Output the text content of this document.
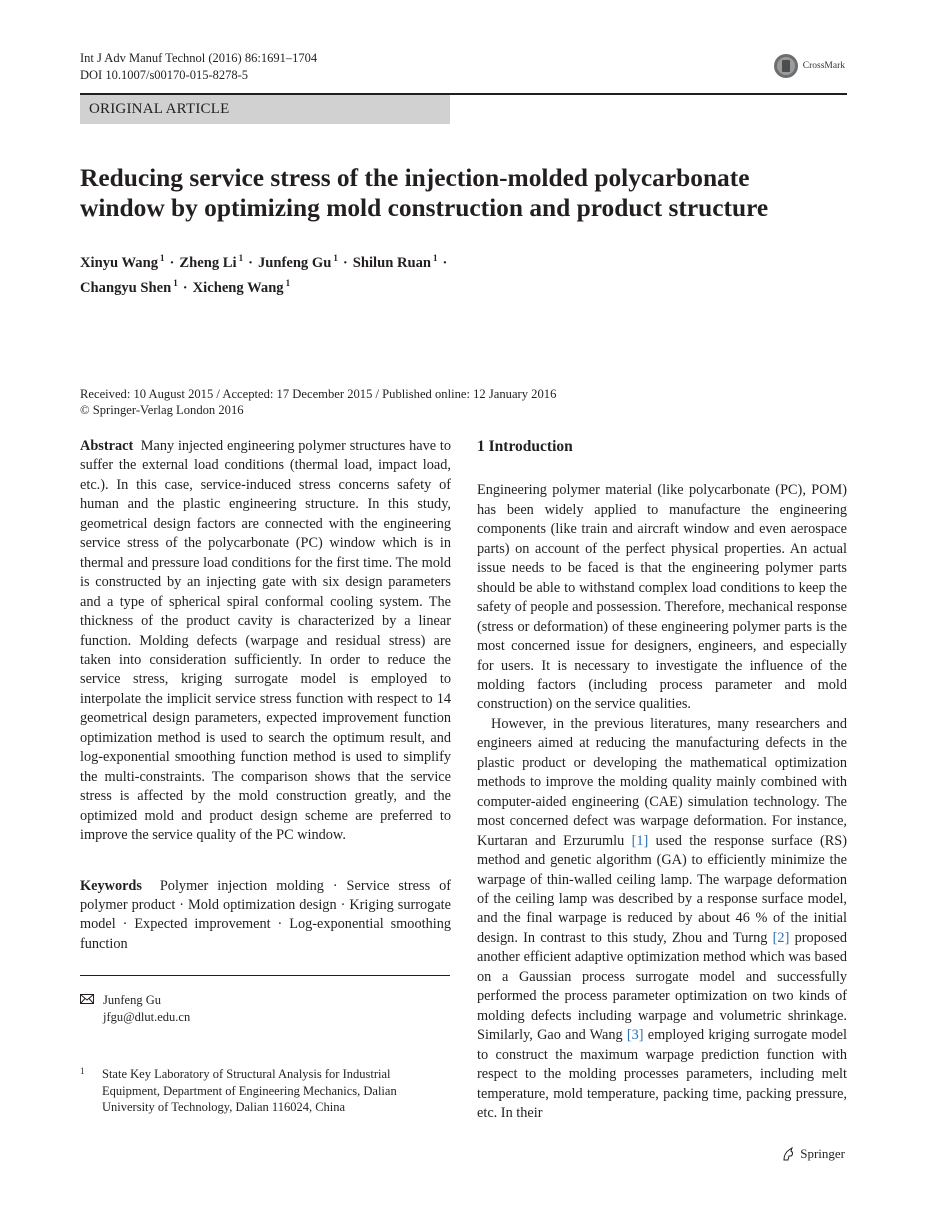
Int J Adv Manuf Technol (2016) 86:1691–1704
DOI 10.1007/s00170-015-8278-5
CrossMark
ORIGINAL ARTICLE
Reducing service stress of the injection-molded polycarbonate
window by optimizing mold construction and product structure
Xinyu Wang $^1$ · Zheng Li $^1$ · Junfeng Gu $^1$ · Shilun Ruan $^1$ ·
Changyu Shen $^1$ · Xicheng Wang $^1$
Received: 10 August 2015 / Accepted: 17 December 2015 / Published online: 12 January 2016
© Springer-Verlag London 2016

Abstract Many injected engineering polymer structures have to suffer the external load conditions (thermal load, impact load, etc.). In this case, service-induced stress concerns safety of human and the plastic engineering structure. In this study, geometrical design factors are connected with the engineering service stress of the polycarbonate (PC) window which is in thermal and pressure load conditions for the first time. The mold is constructed by an injecting gate with six design parameters and a type of spherical spiral conformal cooling system. The thickness of the product cavity is characterized by a linear function. Molding defects (warpage and residual stress) are taken into consideration sufficiently. In order to reduce the service stress, kriging surrogate model is employed to interpolate the implicit service stress function with respect to 14 geometrical design parameters, expected improvement function optimization method is used to search the optimum result, and log-exponential smoothing function method is used to simplify the multi-constraints. The comparison shows that the service stress is affected by the mold construction greatly, and the optimized mold and product design scheme are preferred to improve the service quality of the PC window.

Keywords Polymer injection molding · Service stress of polymer product · Mold optimization design · Kriging surrogate model · Expected improvement · Log-exponential smoothing function

Junfeng Gu
jfgu@dlut.edu.cn
1	State Key Laboratory of Structural Analysis for Industrial Equipment, Department of Engineering Mechanics, Dalian University of Technology, Dalian 116024, China
1 Introduction

Engineering polymer material (like polycarbonate (PC), POM) has been widely applied to manufacture the engineering components (like train and aircraft window and even aerospace parts) on account of the perfect physical properties. An actual issue needs to be faced is that the engineering polymer parts should be able to withstand complex load conditions to keep the safety of people and possession. Therefore, mechanical response (stress or deformation) of these engineering polymer parts is the most concerned issue for designers, engineers, and especially for users. It is necessary to investigate the influence of the molding factors (including process parameter and mold construction) on the service qualities.

However, in the previous literatures, many researchers and engineers aimed at reducing the manufacturing defects in the plastic product or developing the mathematical optimization methods to improve the molding quality mainly combined with computer-aided engineering (CAE) simulation technology. The most concerned defect was warpage deformation. For instance, Kurtaran and Erzurumlu [1] used the response surface (RS) method and genetic algorithm (GA) to efficiently minimize the warpage of thin-walled ceiling lamp. The warpage deformation of the ceiling lamp was described by a response surface model, and the final warpage is reduced by about 46 % of the initial design. In contrast to this study, Zhou and Turng [2] proposed another efficient adaptive optimization method which was based on a Gaussian process surrogate model and successfully performed the process parameter optimization on two kinds of molding defects including warpage and volumetric shrinkage. Similarly, Gao and Wang [3] employed kriging surrogate model to construct the maximum warpage prediction function with respect to the molding processes parameters, including melt temperature, mold temperature, packing time, packing pressure, etc. In their

Springer
